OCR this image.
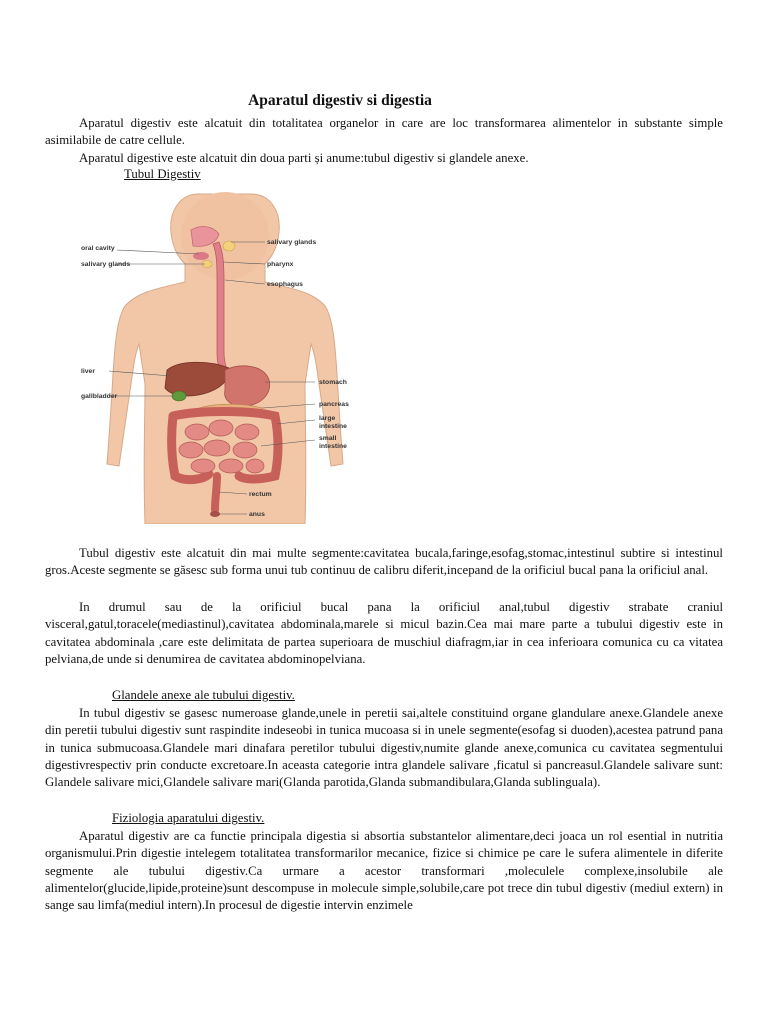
Aparatul digestiv si digestia
Aparatul digestiv este alcatuit din totalitatea organelor in care are loc transformarea alimentelor in substante simple asimilabile de catre cellule.
Aparatul digestive este alcatuit din doua parti și anume:tubul digestiv si glandele anexe.
Tubul Digestiv
oral cavity
salivary glands
salivary glands
pharynx
esophagus
liver
gallbladder
stomach
pancreas
large
intestine
small
intestine
rectum
anus
Tubul digestiv este alcatuit din mai multe segmente:cavitatea bucala,faringe,esofag,stomac,intestinul subtire si intestinul gros.Aceste segmente se găsesc sub forma unui tub continuu de calibru diferit,incepand de la orificiul bucal pana la orificiul anal.
In drumul sau de la orificiul bucal pana la orificiul anal,tubul digestiv strabate craniul visceral,gatul,toracele(mediastinul),cavitatea abdominala,marele si micul bazin.Cea mai mare parte a tubului digestiv este in cavitatea abdominala ,care este delimitata de partea superioara de muschiul diafragm,iar in cea inferioara comunica cu ca vitatea pelviana,de unde si denumirea de cavitatea abdominopelviana.
Glandele anexe ale tubului digestiv.
In tubul digestiv se gasesc numeroase glande,unele in peretii sai,altele constituind organe glandulare anexe.Glandele anexe din peretii tubului digestiv sunt raspindite indeseobi in tunica mucoasa si in unele segmente(esofag si duoden),acestea patrund pana in tunica submucoasa.Glandele mari dinafara peretilor tubului digestiv,numite glande anexe,comunica cu cavitatea segmentului digestivrespectiv prin conducte excretoare.In aceasta categorie intra glandele salivare ,ficatul si pancreasul.Glandele salivare sunt: Glandele salivare mici,Glandele salivare mari(Glanda parotida,Glanda submandibulara,Glanda sublinguala).
Fiziologia aparatului digestiv.
Aparatul digestiv are ca functie principala digestia si absortia substantelor alimentare,deci joaca un rol esential in nutritia organismului.Prin digestie intelegem totalitatea transformarilor mecanice, fizice si chimice pe care le sufera alimentele in diferite segmente ale tubului digestiv.Ca urmare a acestor transformari ,moleculele complexe,insolubile ale alimentelor(glucide,lipide,proteine)sunt descompuse in molecule simple,solubile,care pot trece din tubul digestiv (mediul extern) in sange sau limfa(mediul intern).In procesul de digestie intervin enzimele
